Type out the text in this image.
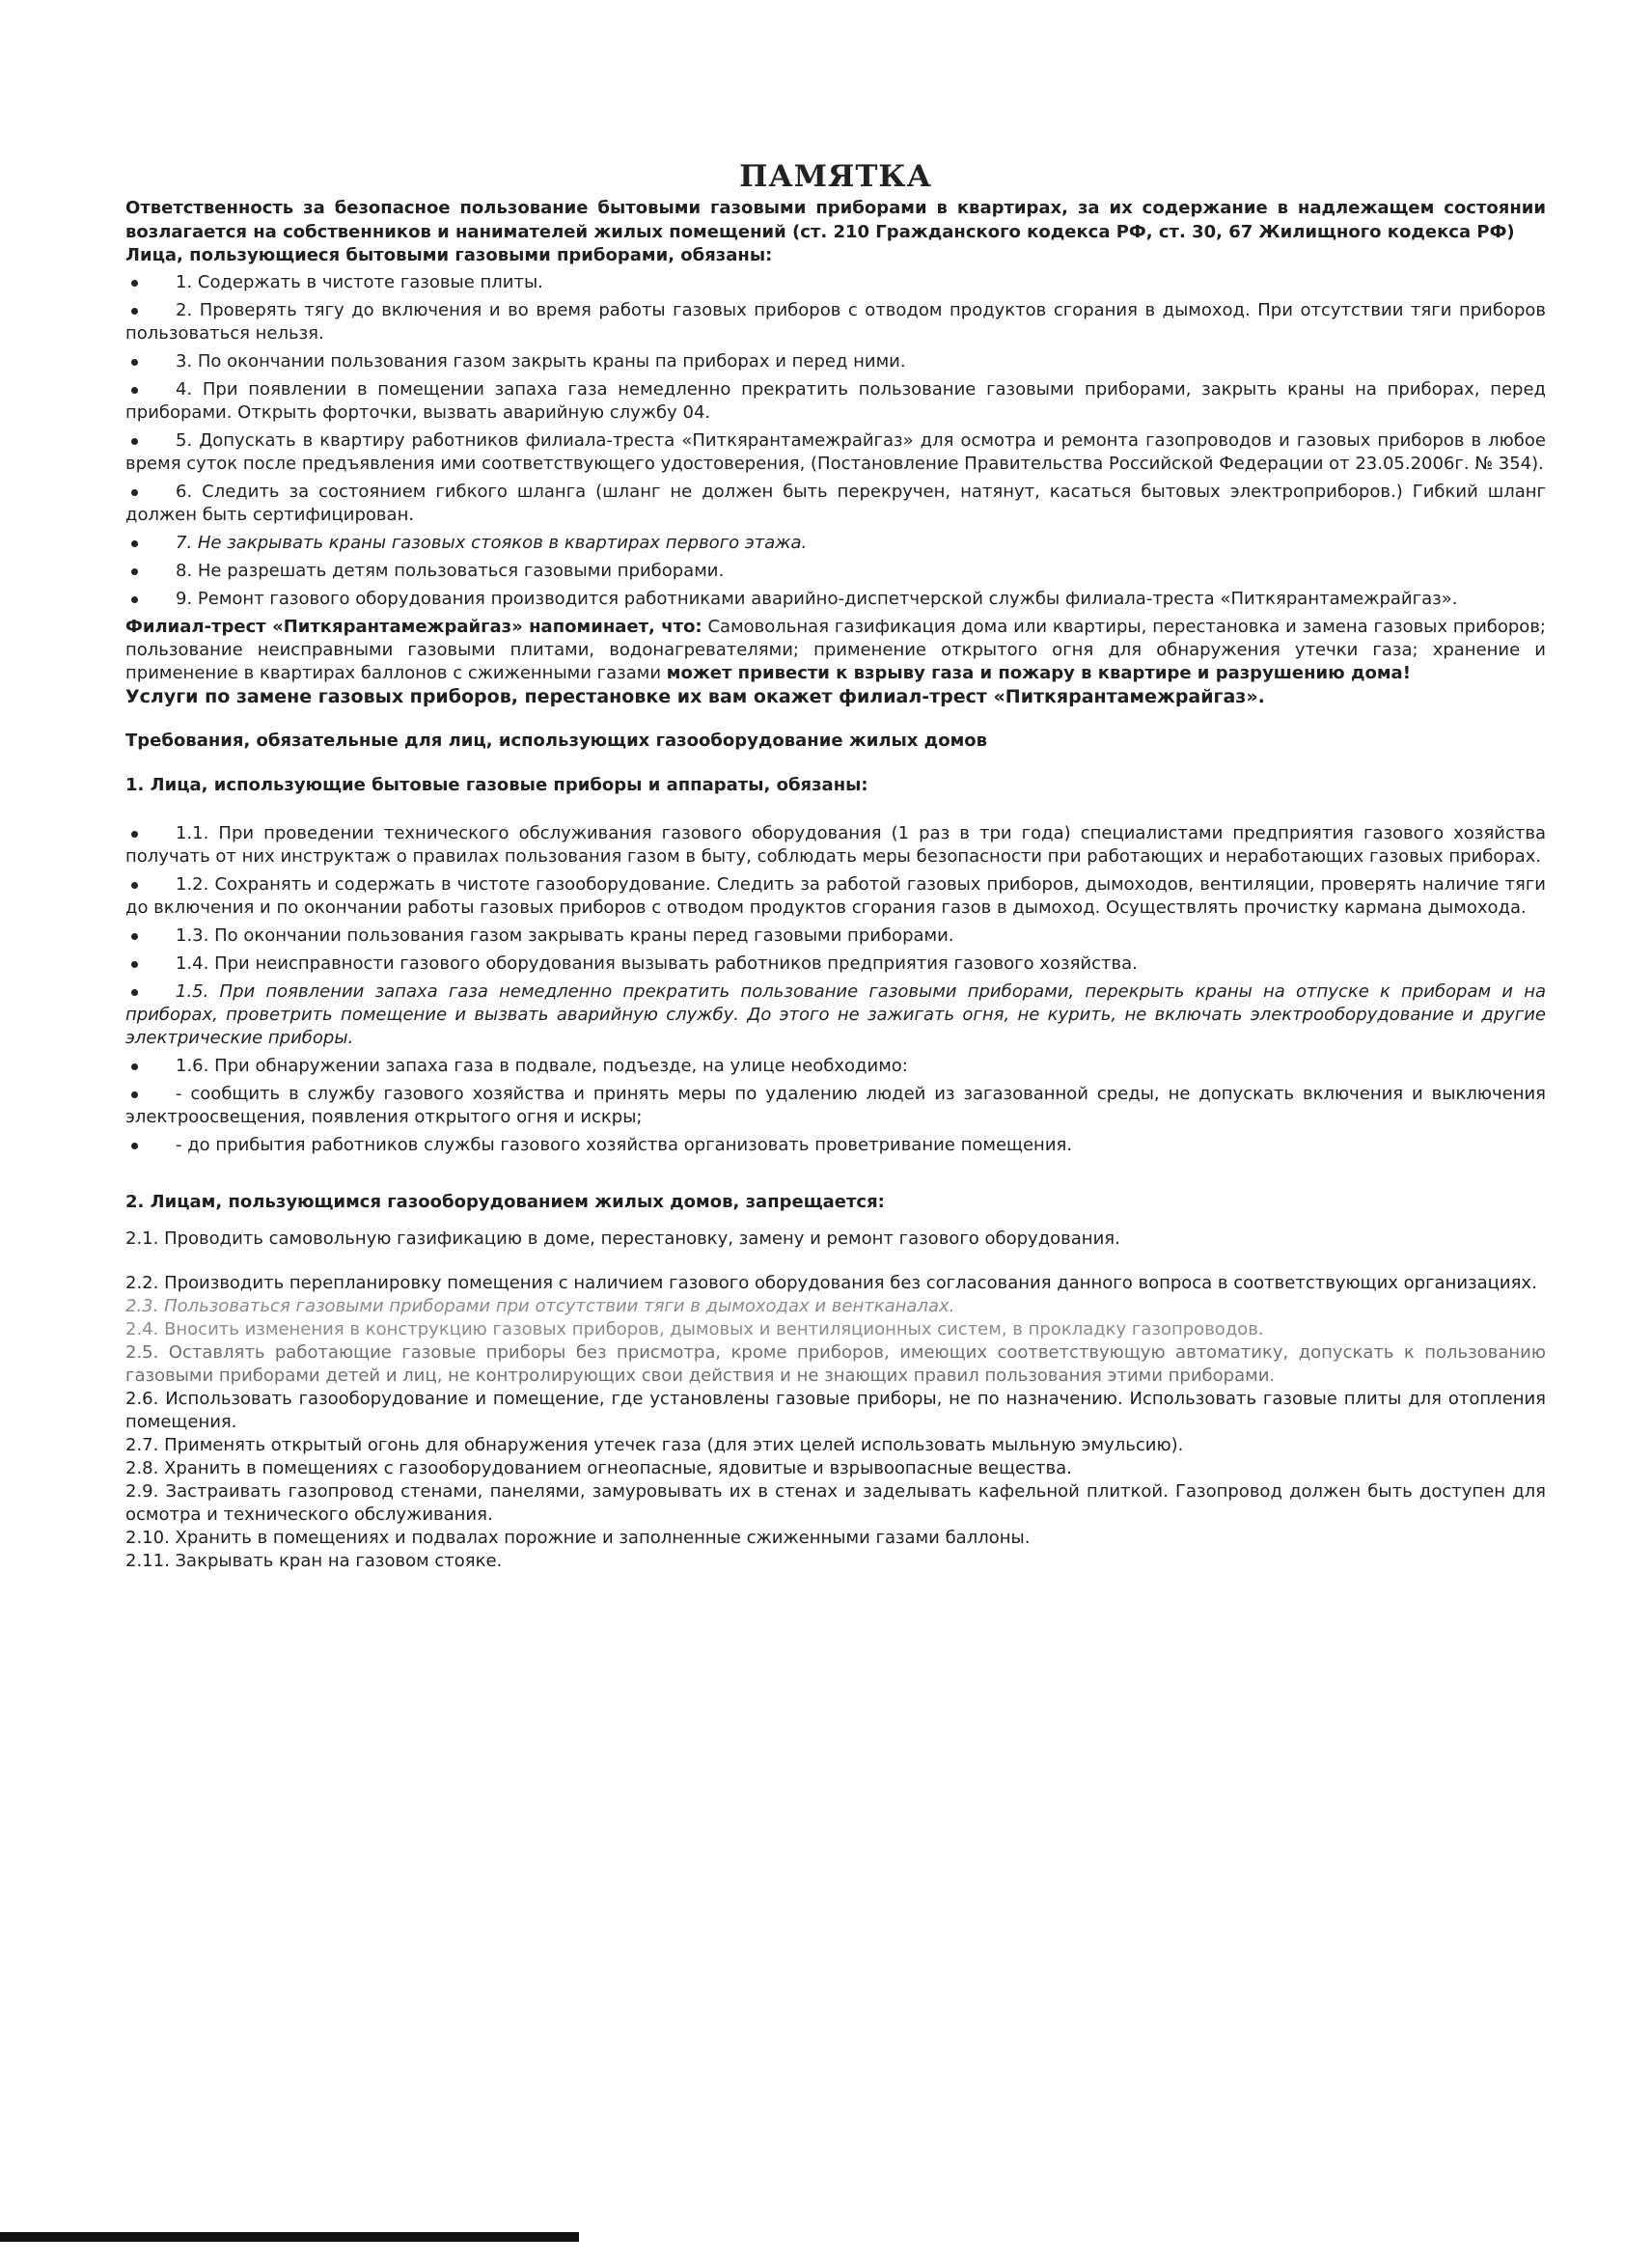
ПАМЯТКА

Ответственность за безопасное пользование бытовыми газовыми приборами в квартирах, за их содержание в надлежащем состоянии возлагается на собственников и нанимателей жилых помещений (ст. 210 Гражданского кодекса РФ, ст. 30, 67 Жилищного кодекса РФ)

Лица, пользующиеся бытовыми газовыми приборами, обязаны:

1. Содержать в чистоте газовые плиты.
2. Проверять тягу до включения и во время работы газовых приборов с отводом продуктов сгорания в дымоход. При отсутствии тяги приборов пользоваться нельзя.
3. По окончании пользования газом закрыть краны па приборах и перед ними.
4. При появлении в помещении запаха газа немедленно прекратить пользование газовыми приборами, закрыть краны на приборах, перед приборами. Открыть форточки, вызвать аварийную службу 04.
5. Допускать в квартиру работников филиала-треста «Питкярантамежрайгаз» для осмотра и ремонта газопроводов и газовых приборов в любое время суток после предъявления ими соответствующего удостоверения, (Постановление Правительства Российской Федерации от 23.05.2006г. № 354).
6. Следить за состоянием гибкого шланга (шланг не должен быть перекручен, натянут, касаться бытовых электроприборов.) Гибкий шланг должен быть сертифицирован.
7. Не закрывать краны газовых стояков в квартирах первого этажа.
8. Не разрешать детям пользоваться газовыми приборами.
9. Ремонт газового оборудования производится работниками аварийно-диспетчерской службы филиала-треста «Питкярантамежрайгаз».

Филиал-трест «Питкярантамежрайгаз» напоминает, что: Самовольная газификация дома или квартиры, перестановка и замена газовых приборов; пользование неисправными газовыми плитами, водонагревателями; применение открытого огня для обнаружения утечки газа; хранение и применение в квартирах баллонов с сжиженными газами может привести к взрыву газа и пожару в квартире и разрушению дома!

Услуги по замене газовых приборов, перестановке их вам окажет филиал-трест «Питкярантамежрайгаз».

Требования, обязательные для лиц, использующих газооборудование жилых домов

1. Лица, использующие бытовые газовые приборы и аппараты, обязаны:

1.1. При проведении технического обслуживания газового оборудования (1 раз в три года) специалистами предприятия газового хозяйства получать от них инструктаж о правилах пользования газом в быту, соблюдать меры безопасности при работающих и неработающих газовых приборах.
1.2. Сохранять и содержать в чистоте газооборудование. Следить за работой газовых приборов, дымоходов, вентиляции, проверять наличие тяги до включения и по окончании работы газовых приборов с отводом продуктов сгорания газов в дымоход. Осуществлять прочистку кармана дымохода.
1.3. По окончании пользования газом закрывать краны перед газовыми приборами.
1.4. При неисправности газового оборудования вызывать работников предприятия газового хозяйства.
1.5. При появлении запаха газа немедленно прекратить пользование газовыми приборами, перекрыть краны на отпуске к приборам и на приборах, проветрить помещение и вызвать аварийную службу. До этого не зажигать огня, не курить, не включать электрооборудование и другие электрические приборы.
1.6. При обнаружении запаха газа в подвале, подъезде, на улице необходимо:
- сообщить в службу газового хозяйства и принять меры по удалению людей из загазованной среды, не допускать включения и выключения электроосвещения, появления открытого огня и искры;
- до прибытия работников службы газового хозяйства организовать проветривание помещения.

2. Лицам, пользующимся газооборудованием жилых домов, запрещается:

2.1. Проводить самовольную газификацию в доме, перестановку, замену и ремонт газового оборудования.

2.2. Производить перепланировку помещения с наличием газового оборудования без согласования данного вопроса в соответствующих организациях.

2.3. Пользоваться газовыми приборами при отсутствии тяги в дымоходах и вентканалах.

2.4. Вносить изменения в конструкцию газовых приборов, дымовых и вентиляционных систем, в прокладку газопроводов.

2.5. Оставлять работающие газовые приборы без присмотра, кроме приборов, имеющих соответствующую автоматику, допускать к пользованию газовыми приборами детей и лиц, не контролирующих свои действия и не знающих правил пользования этими приборами.

2.6. Использовать газооборудование и помещение, где установлены газовые приборы, не по назначению. Использовать газовые плиты для отопления помещения.

2.7. Применять открытый огонь для обнаружения утечек газа (для этих целей использовать мыльную эмульсию).

2.8. Хранить в помещениях с газооборудованием огнеопасные, ядовитые и взрывоопасные вещества.

2.9. Застраивать газопровод стенами, панелями, замуровывать их в стенах и заделывать кафельной плиткой. Газопровод должен быть доступен для осмотра и технического обслуживания.

2.10. Хранить в помещениях и подвалах порожние и заполненные сжиженными газами баллоны.

2.11. Закрывать кран на газовом стояке.
